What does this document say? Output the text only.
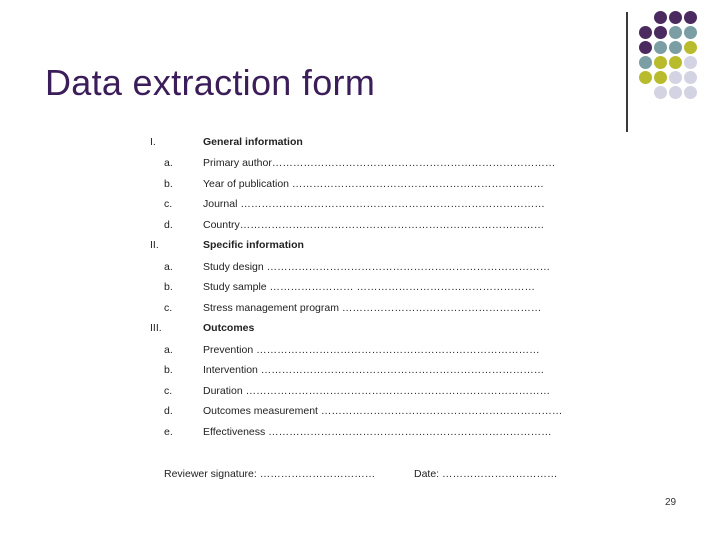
Data extraction form
I.	General information
a.	Primary author………………………………………………………………………
b.	Year of publication ………………………………………………………………
c.	Journal ……………………………………………………………………………
d.	Country……………………………………………………………………………
II.	Specific information
a.	Study design ………………………………………………………………………
b.	Study sample …………………… ……………………………………………
c.	Stress management program …………………………………………………
III.	Outcomes
a.	Prevention ………………………………………………………………………
b.	Intervention ………………………………………………………………………
c.	Duration ……………………………………………………………………………
d.	Outcomes measurement ……………………………………………………………
e.	Effectiveness ………………………………………………………………………
Reviewer signature: ……………………………	Date: ……………………………
29
